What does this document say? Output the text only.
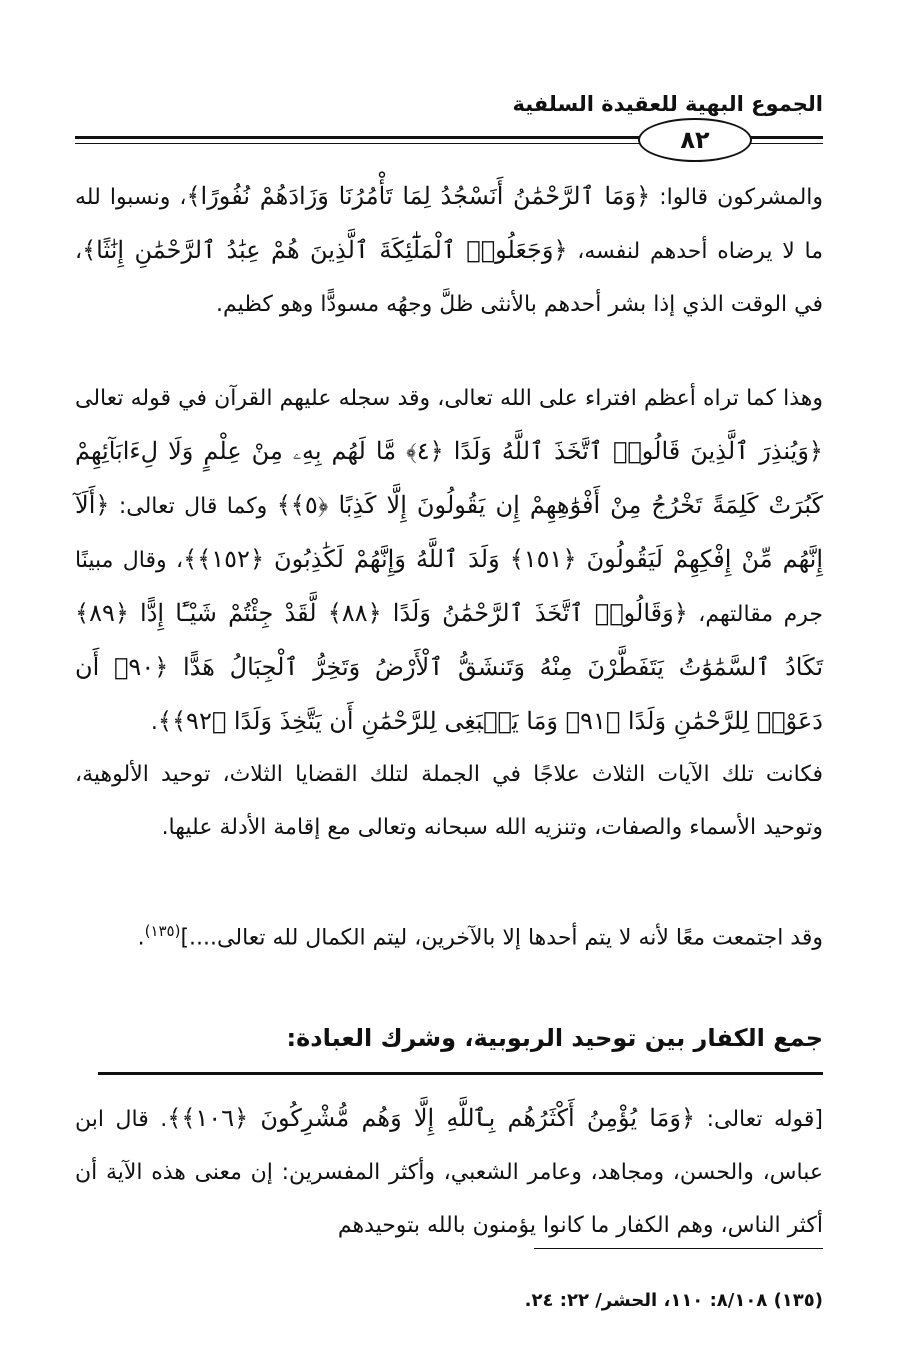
الجموع البهية للعقيدة السلفية
٨٢
والمشركون قالوا: ﴿وَمَا ٱلرَّحْمَٰنُ أَنَسْجُدُ لِمَا تَأْمُرُنَا وَزَادَهُمْ نُفُورًا﴾، ونسبوا لله ما لا يرضاه أحدهم لنفسه، ﴿وَجَعَلُوا۟ ٱلْمَلَٰٓئِكَةَ ٱلَّذِينَ هُمْ عِبَٰدُ ٱلرَّحْمَٰنِ إِنَٰثًا﴾، في الوقت الذي إذا بشر أحدهم بالأنثى ظلَّ وجهُه مسودًّا وهو كظيم.
وهذا كما تراه أعظم افتراء على الله تعالى، وقد سجله عليهم القرآن في قوله تعالى ﴿وَيُنذِرَ ٱلَّذِينَ قَالُوا۟ ٱتَّخَذَ ٱللَّهُ وَلَدًا ﴿٤﴾ مَّا لَهُم بِهِۦ مِنْ عِلْمٍ وَلَا لِءَابَآئِهِمْ كَبُرَتْ كَلِمَةً تَخْرُجُ مِنْ أَفْوَٰهِهِمْ إِن يَقُولُونَ إِلَّا كَذِبًا ﴿٥﴾﴾ وكما قال تعالى: ﴿أَلَآ إِنَّهُم مِّنْ إِفْكِهِمْ لَيَقُولُونَ ﴿١٥١﴾ وَلَدَ ٱللَّهُ وَإِنَّهُمْ لَكَٰذِبُونَ ﴿١٥٢﴾﴾، وقال مبينًا جرم مقالتهم، ﴿وَقَالُوا۟ ٱتَّخَذَ ٱلرَّحْمَٰنُ وَلَدًا ﴿٨٨﴾ لَّقَدْ جِئْتُمْ شَيْـًٔا إِدًّا ﴿٨٩﴾ تَكَادُ ٱلسَّمَٰوَٰتُ يَتَفَطَّرْنَ مِنْهُ وَتَنشَقُّ ٱلْأَرْضُ وَتَخِرُّ ٱلْجِبَالُ هَدًّا ﴿٩٠﴾ أَن دَعَوْا۟ لِلرَّحْمَٰنِ وَلَدًا ﴿٩١﴾ وَمَا يَنۢبَغِى لِلرَّحْمَٰنِ أَن يَتَّخِذَ وَلَدًا ﴿٩٢﴾﴾.
فكانت تلك الآيات الثلاث علاجًا في الجملة لتلك القضايا الثلاث، توحيد الألوهية، وتوحيد الأسماء والصفات، وتنزيه الله سبحانه وتعالى مع إقامة الأدلة عليها.
وقد اجتمعت معًا لأنه لا يتم أحدها إلا بالآخرين، ليتم الكمال لله تعالى....]$^{(١٣٥)}$.
جمع الكفار بين توحيد الربوبية، وشرك العبادة:
[قوله تعالى: ﴿وَمَا يُؤْمِنُ أَكْثَرُهُم بِٱللَّهِ إِلَّا وَهُم مُّشْرِكُونَ ﴿١٠٦﴾﴾. قال ابن عباس، والحسن، ومجاهد، وعامر الشعبي، وأكثر المفسرين: إن معنى هذه الآية أن أكثر الناس، وهم الكفار ما كانوا يؤمنون بالله بتوحيدهم
(١٣٥) ٨/١٠٨: ١١٠، الحشر/ ٢٢: ٢٤.
